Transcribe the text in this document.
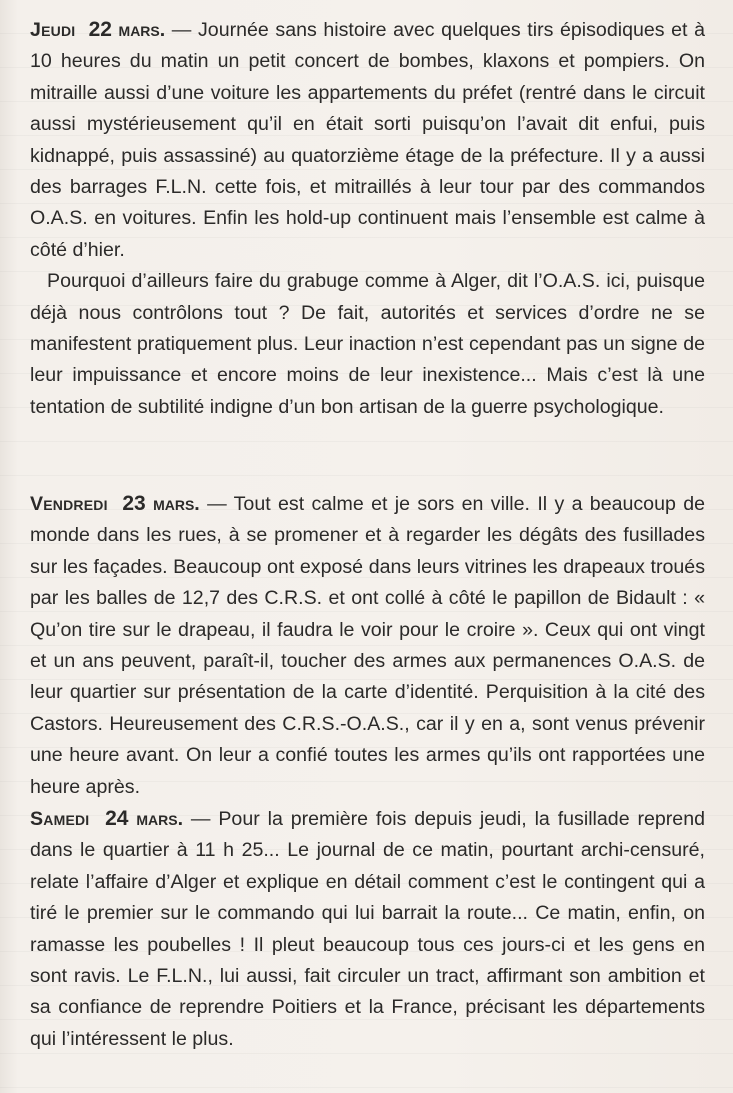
Jeudi 22 mars. — Journée sans histoire avec quelques tirs épisodiques et à 10 heures du matin un petit concert de bombes, klaxons et pompiers. On mitraille aussi d’une voiture les appartements du préfet (rentré dans le circuit aussi mystérieusement qu’il en était sorti puisqu’on l’avait dit enfui, puis kidnappé, puis assassiné) au quatorzième étage de la préfecture. Il y a aussi des barrages F.L.N. cette fois, et mitraillés à leur tour par des commandos O.A.S. en voitures. Enfin les hold-up continuent mais l’ensemble est calme à côté d’hier.
Pourquoi d’ailleurs faire du grabuge comme à Alger, dit l’O.A.S. ici, puisque déjà nous contrôlons tout ? De fait, autorités et services d’ordre ne se manifestent pratiquement plus. Leur inaction n’est cependant pas un signe de leur impuissance et encore moins de leur inexistence... Mais c’est là une tentation de subtilité indigne d’un bon artisan de la guerre psychologique.

Vendredi 23 mars. — Tout est calme et je sors en ville. Il y a beaucoup de monde dans les rues, à se promener et à regarder les dégâts des fusillades sur les façades. Beaucoup ont exposé dans leurs vitrines les drapeaux troués par les balles de 12,7 des C.R.S. et ont collé à côté le papillon de Bidault : « Qu’on tire sur le drapeau, il faudra le voir pour le croire ». Ceux qui ont vingt et un ans peuvent, paraît-il, toucher des armes aux permanences O.A.S. de leur quartier sur présentation de la carte d’identité. Perquisition à la cité des Castors. Heureusement des C.R.S.-O.A.S., car il y en a, sont venus prévenir une heure avant. On leur a confié toutes les armes qu’ils ont rapportées une heure après.

Samedi 24 mars. — Pour la première fois depuis jeudi, la fusillade reprend dans le quartier à 11 h 25... Le journal de ce matin, pourtant archi-censuré, relate l’affaire d’Alger et explique en détail comment c’est le contingent qui a tiré le premier sur le commando qui lui barrait la route... Ce matin, enfin, on ramasse les poubelles ! Il pleut beaucoup tous ces jours-ci et les gens en sont ravis. Le F.L.N., lui aussi, fait circuler un tract, affirmant son ambition et sa confiance de reprendre Poitiers et la France, précisant les départements qui l’intéressent le plus.
